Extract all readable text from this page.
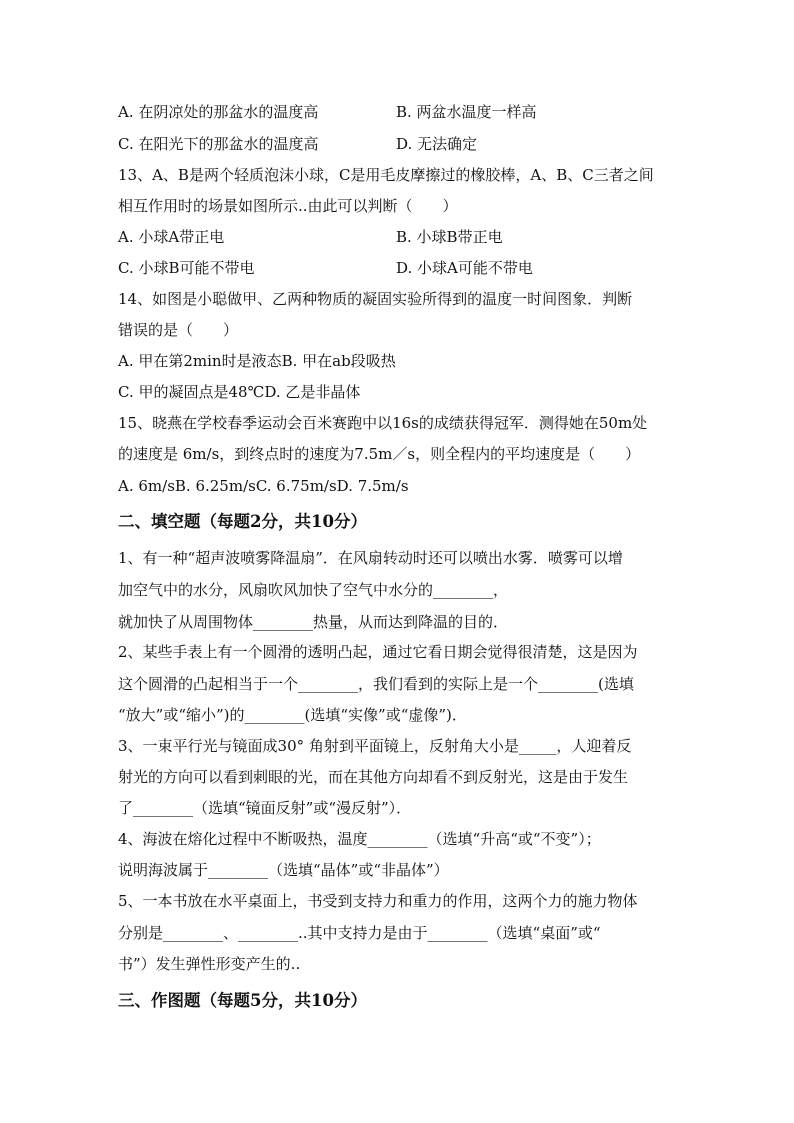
A. 在阴凉处的那盆水的温度高	B. 两盆水温度一样高
C. 在阳光下的那盆水的温度高	D. 无法确定
13、A、B是两个轻质泡沫小球，C是用毛皮摩擦过的橡胶棒，A、B、C三者之间
相互作用时的场景如图所示..由此可以判断（　　）
A. 小球A带正电	B. 小球B带正电
C. 小球B可能不带电	D. 小球A可能不带电
14、如图是小聪做甲、乙两种物质的凝固实验所得到的温度一时间图象．判断
错误的是（　　）
A. 甲在第2min时是液态B. 甲在ab段吸热
C. 甲的凝固点是48℃D. 乙是非晶体
15、晓燕在学校春季运动会百米赛跑中以16s的成绩获得冠军．测得她在50m处
的速度是 6m/s，到终点时的速度为7.5m／s，则全程内的平均速度是（　　）
A. 6m/sB. 6.25m/sC. 6.75m/sD. 7.5m/s
二、填空题（每题2分，共10分）
1、有一种“超声波喷雾降温扇”．在风扇转动时还可以喷出水雾．喷雾可以增
加空气中的水分，风扇吹风加快了空气中水分的________，
就加快了从周围物体________热量，从而达到降温的目的．
2、某些手表上有一个圆滑的透明凸起，通过它看日期会觉得很清楚，这是因为
这个圆滑的凸起相当于一个________，我们看到的实际上是一个________(选填
“放大”或“缩小”)的________(选填“实像”或“虚像”)．
3、一束平行光与镜面成30° 角射到平面镜上，反射角大小是_____，人迎着反
射光的方向可以看到刺眼的光，而在其他方向却看不到反射光，这是由于发生
了________（选填“镜面反射”或“漫反射”）．
4、海波在熔化过程中不断吸热，温度________（选填“升高“或“不变”）；
说明海波属于________（选填“晶体”或“非晶体”）
5、一本书放在水平桌面上，书受到支持力和重力的作用，这两个力的施力物体
分别是________、________..其中支持力是由于________（选填“桌面”或“
书”）发生弹性形变产生的..
三、作图题（每题5分，共10分）
